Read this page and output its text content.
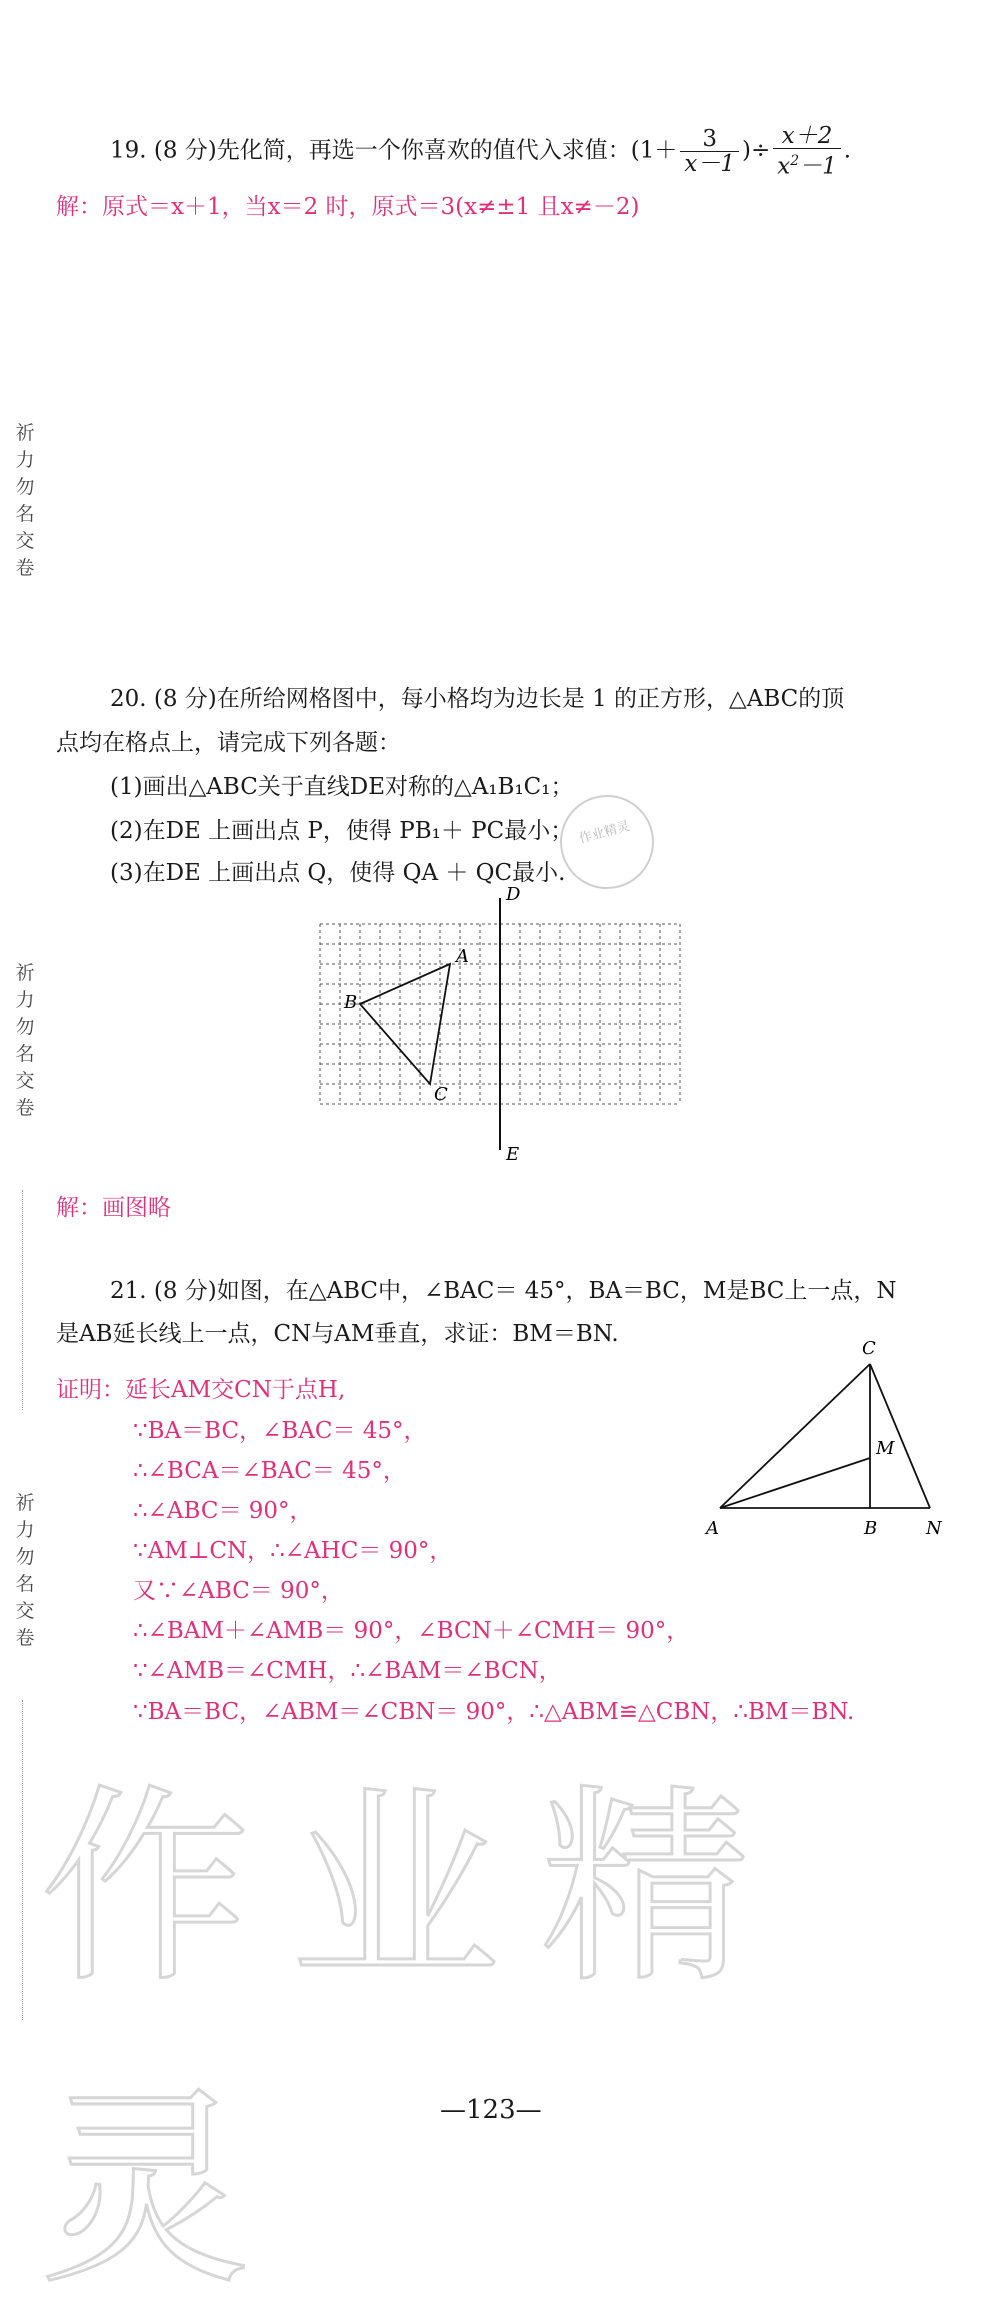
祈
力
勿
名
交
卷
祈
力
勿
名
交
卷
祈
力
勿
名
交
卷
作业精灵
19. (8 分)先化简，再选一个你喜欢的值代入求值：($1+ \frac{3}{x-1}$ )÷ $\frac{x+2}{x^2-1}$ .
解：原式＝x＋1，当x＝2 时，原式＝3(x≠±1 且x≠－2)
20. (8 分)在所给网格图中，每小格均为边长是 1 的正方形，△ABC的顶
点均在格点上，请完成下列各题：
(1)画出△ABC关于直线DE对称的△A₁B₁C₁；
(2)在DE 上画出点 P，使得 PB₁＋ PC最小；
(3)在DE 上画出点 Q，使得 QA ＋ QC最小.
作业精灵
D
E
A
B
C
解：画图略
21. (8 分)如图，在△ABC中，∠BAC＝ 45°，BA＝BC，M是BC上一点，N
是AB延长线上一点，CN与AM垂直，求证：BM＝BN.
C
M
A	B	N
证明：延长AM交CN于点H,
∵BA＝BC，∠BAC＝ 45°，
∴∠BCA＝∠BAC＝ 45°，
∴∠ABC＝ 90°，
∵AM⊥CN，∴∠AHC＝ 90°，
又∵∠ABC＝ 90°，
∴∠BAM＋∠AMB＝ 90°，∠BCN＋∠CMH＝ 90°，
∵∠AMB＝∠CMH，∴∠BAM＝∠BCN，
∵BA＝BC，∠ABM＝∠CBN＝ 90°，∴△ABM≌△CBN，∴BM＝BN.
—123—
